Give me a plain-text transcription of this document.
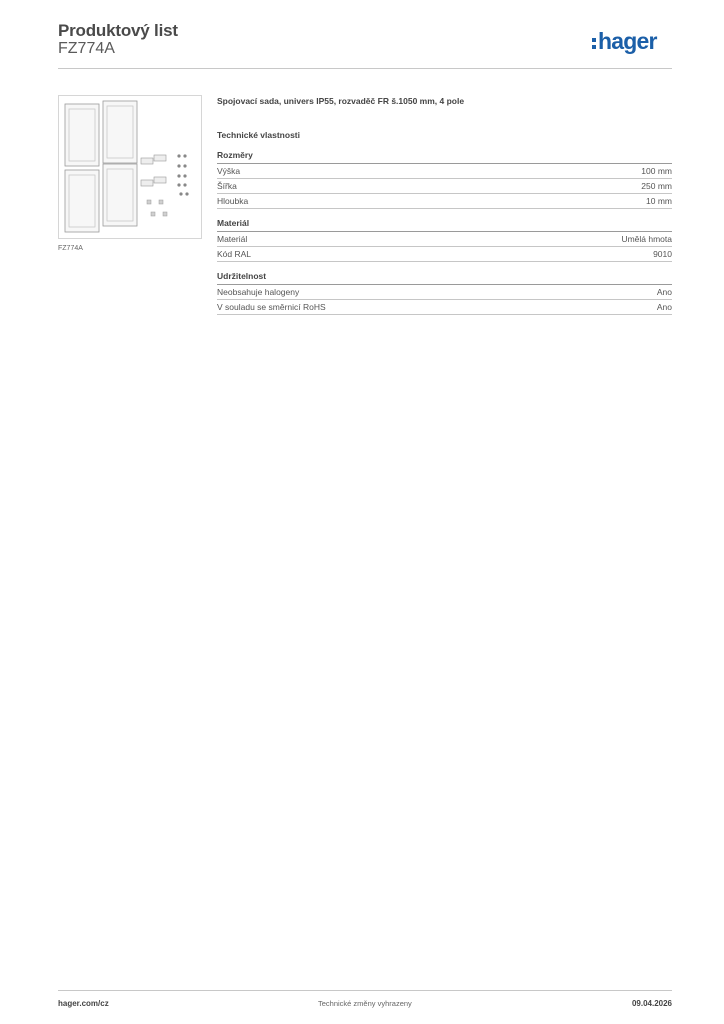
Produktový list
FZ774A	hager
FZ774A
Spojovací sada, univers IP55, rozvaděč FR š.1050 mm, 4 pole
Technické vlastnosti
Rozměry
Výška	100 mm
Šířka	250 mm
Hloubka	10 mm
Materiál
Materiál	Umělá hmota
Kód RAL	9010
Udržitelnost
Neobsahuje halogeny	Ano
V souladu se směrnicí RoHS	Ano
hager.com/cz	Technické změny vyhrazeny	09.04.2026
